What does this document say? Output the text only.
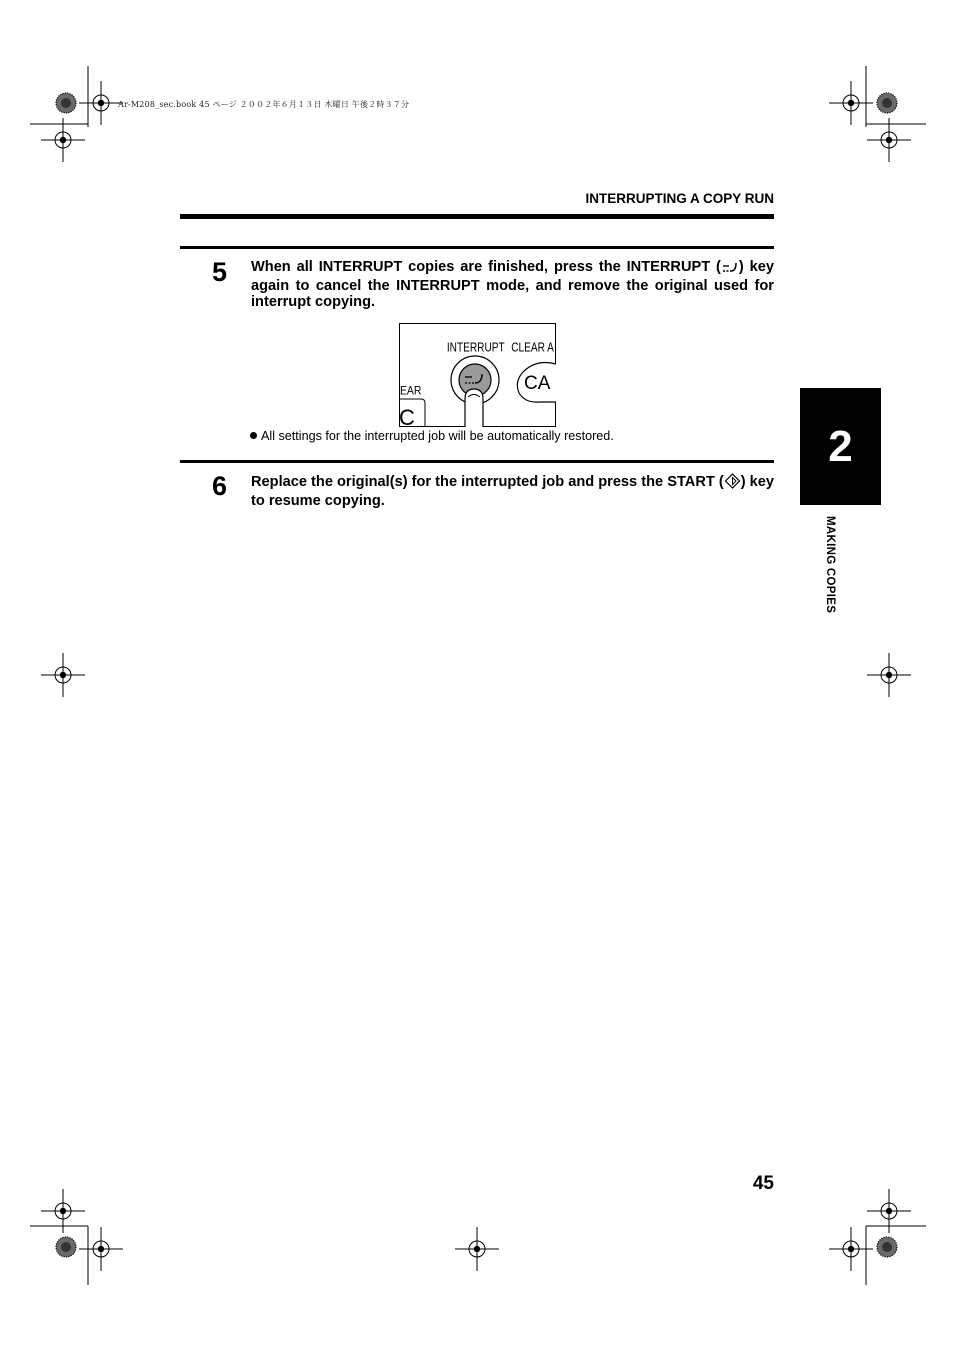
Ar-M208_sec.book 45 ページ ２００２年６月１３日 木曜日 午後２時３７分
INTERRUPTING A COPY RUN
5	When all INTERRUPT copies are finished, press the INTERRUPT ( ) key again to cancel the INTERRUPT mode, and remove the original used for interrupt copying.
INTERRUPT CLEAR A
EAR
C
CA
All settings for the interrupted job will be automatically restored.
6	Replace the original(s) for the interrupted job and press the START ( ) key to resume copying.
2
MAKING COPIES
45
